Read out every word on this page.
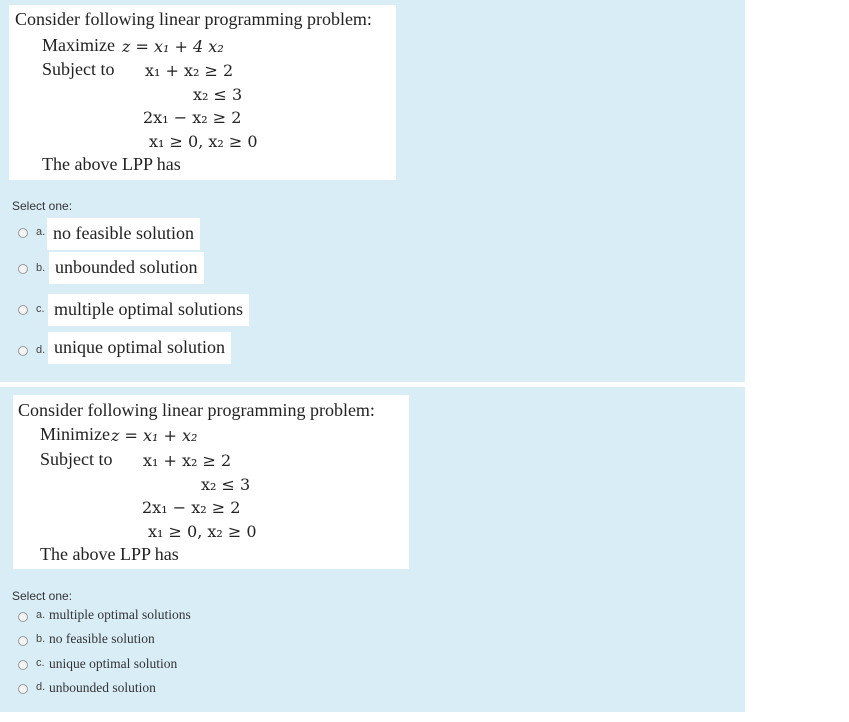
Consider following linear programming problem:
Maximize z = x₁ + 4 x₂
Subject to x₁ + x₂ ≥ 2
x₂ ≤ 3
2x₁ − x₂ ≥ 2
x₁ ≥ 0, x₂ ≥ 0
The above LPP has
Select one:
a. no feasible solution
b. unbounded solution
c. multiple optimal solutions
d. unique optimal solution
Consider following linear programming problem:
Minimize z = x₁ + x₂
Subject to x₁ + x₂ ≥ 2
x₂ ≤ 3
2x₁ − x₂ ≥ 2
x₁ ≥ 0, x₂ ≥ 0
The above LPP has
Select one:
a. multiple optimal solutions
b. no feasible solution
c. unique optimal solution
d. unbounded solution
